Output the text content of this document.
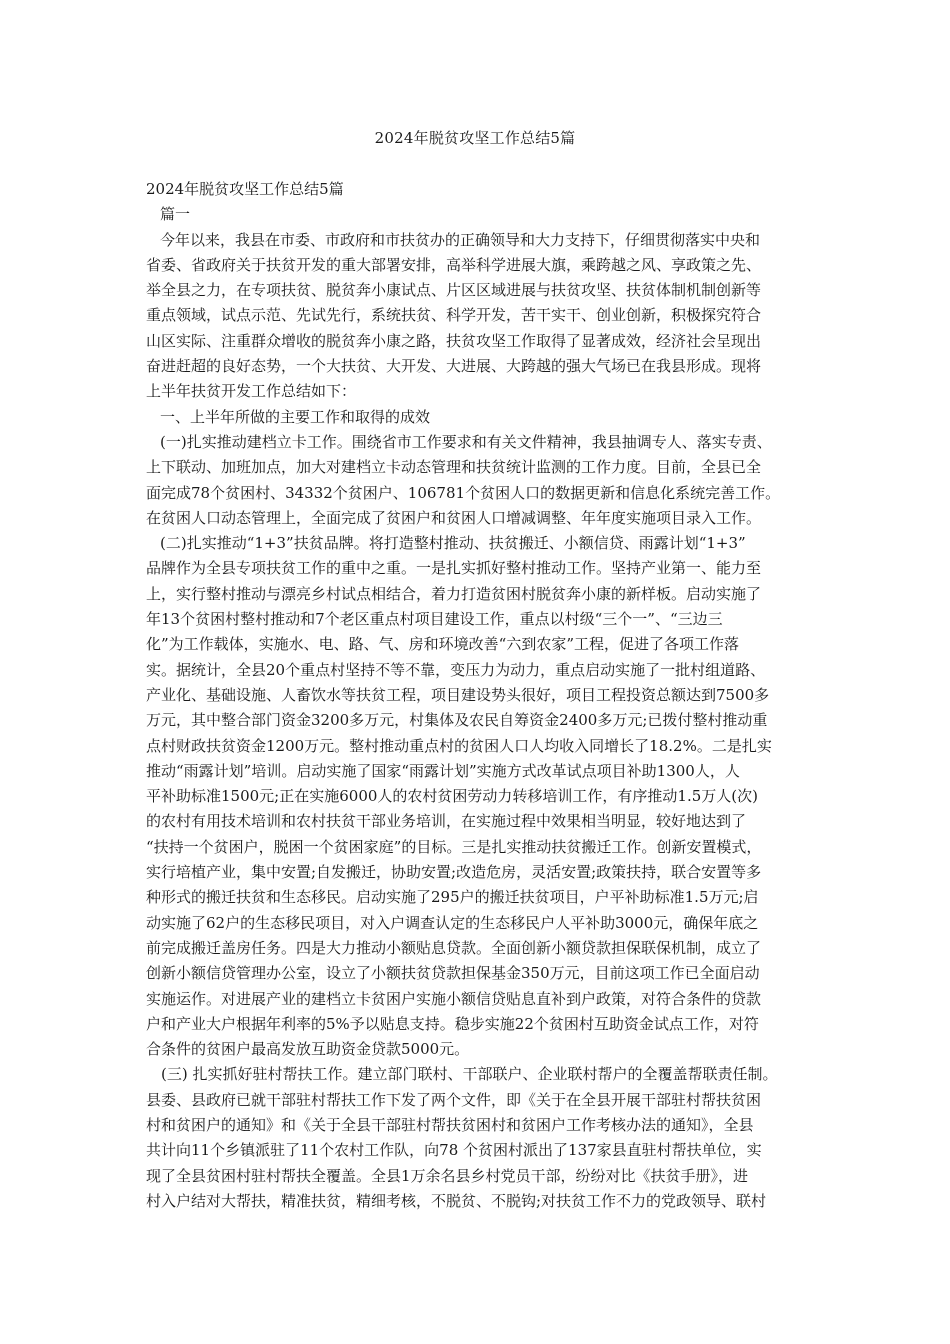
2024年脱贫攻坚工作总结5篇
2024年脱贫攻坚工作总结5篇
篇一
今年以来，我县在市委、市政府和市扶贫办的正确领导和大力支持下，仔细贯彻落实中央和
省委、省政府关于扶贫开发的重大部署安排，高举科学进展大旗，乘跨越之风、享政策之先、
举全县之力，在专项扶贫、脱贫奔小康试点、片区区域进展与扶贫攻坚、扶贫体制机制创新等
重点领域，试点示范、先试先行，系统扶贫、科学开发，苦干实干、创业创新，积极探究符合
山区实际、注重群众增收的脱贫奔小康之路，扶贫攻坚工作取得了显著成效，经济社会呈现出
奋进赶超的良好态势，一个大扶贫、大开发、大进展、大跨越的强大气场已在我县形成。现将
上半年扶贫开发工作总结如下：
一、上半年所做的主要工作和取得的成效
(一)扎实推动建档立卡工作。围绕省市工作要求和有关文件精神，我县抽调专人、落实专责、
上下联动、加班加点，加大对建档立卡动态管理和扶贫统计监测的工作力度。目前，全县已全
面完成78个贫困村、34332个贫困户、106781个贫困人口的数据更新和信息化系统完善工作。
在贫困人口动态管理上，全面完成了贫困户和贫困人口增减调整、年年度实施项目录入工作。
(二)扎实推动“1+3”扶贫品牌。将打造整村推动、扶贫搬迁、小额信贷、雨露计划“1+3”
品牌作为全县专项扶贫工作的重中之重。一是扎实抓好整村推动工作。坚持产业第一、能力至
上，实行整村推动与漂亮乡村试点相结合，着力打造贫困村脱贫奔小康的新样板。启动实施了
年13个贫困村整村推动和7个老区重点村项目建设工作，重点以村级“三个一”、“三边三
化”为工作载体，实施水、电、路、气、房和环境改善“六到农家”工程，促进了各项工作落
实。据统计，全县20个重点村坚持不等不靠，变压力为动力，重点启动实施了一批村组道路、
产业化、基础设施、人畜饮水等扶贫工程，项目建设势头很好，项目工程投资总额达到7500多
万元，其中整合部门资金3200多万元，村集体及农民自筹资金2400多万元;已拨付整村推动重
点村财政扶贫资金1200万元。整村推动重点村的贫困人口人均收入同增长了18.2%。二是扎实
推动“雨露计划”培训。启动实施了国家“雨露计划”实施方式改革试点项目补助1300人，人
平补助标准1500元;正在实施6000人的农村贫困劳动力转移培训工作，有序推动1.5万人(次)
的农村有用技术培训和农村扶贫干部业务培训，在实施过程中效果相当明显，较好地达到了
“扶持一个贫困户，脱困一个贫困家庭”的目标。三是扎实推动扶贫搬迁工作。创新安置模式，
实行培植产业，集中安置;自发搬迁，协助安置;改造危房，灵活安置;政策扶持，联合安置等多
种形式的搬迁扶贫和生态移民。启动实施了295户的搬迁扶贫项目，户平补助标准1.5万元;启
动实施了62户的生态移民项目，对入户调查认定的生态移民户人平补助3000元，确保年底之
前完成搬迁盖房任务。四是大力推动小额贴息贷款。全面创新小额贷款担保联保机制，成立了
创新小额信贷管理办公室，设立了小额扶贫贷款担保基金350万元，目前这项工作已全面启动
实施运作。对进展产业的建档立卡贫困户实施小额信贷贴息直补到户政策，对符合条件的贷款
户和产业大户根据年利率的5%予以贴息支持。稳步实施22个贫困村互助资金试点工作，对符
合条件的贫困户最高发放互助资金贷款5000元。
(三) 扎实抓好驻村帮扶工作。建立部门联村、干部联户、企业联村帮户的全覆盖帮联责任制。
县委、县政府已就干部驻村帮扶工作下发了两个文件，即《关于在全县开展干部驻村帮扶贫困
村和贫困户的通知》和《关于全县干部驻村帮扶贫困村和贫困户工作考核办法的通知》，全县
共计向11个乡镇派驻了11个农村工作队，向78 个贫困村派出了137家县直驻村帮扶单位，实
现了全县贫困村驻村帮扶全覆盖。全县1万余名县乡村党员干部，纷纷对比《扶贫手册》，进
村入户结对大帮扶，精准扶贫，精细考核，不脱贫、不脱钩;对扶贫工作不力的党政领导、联村
